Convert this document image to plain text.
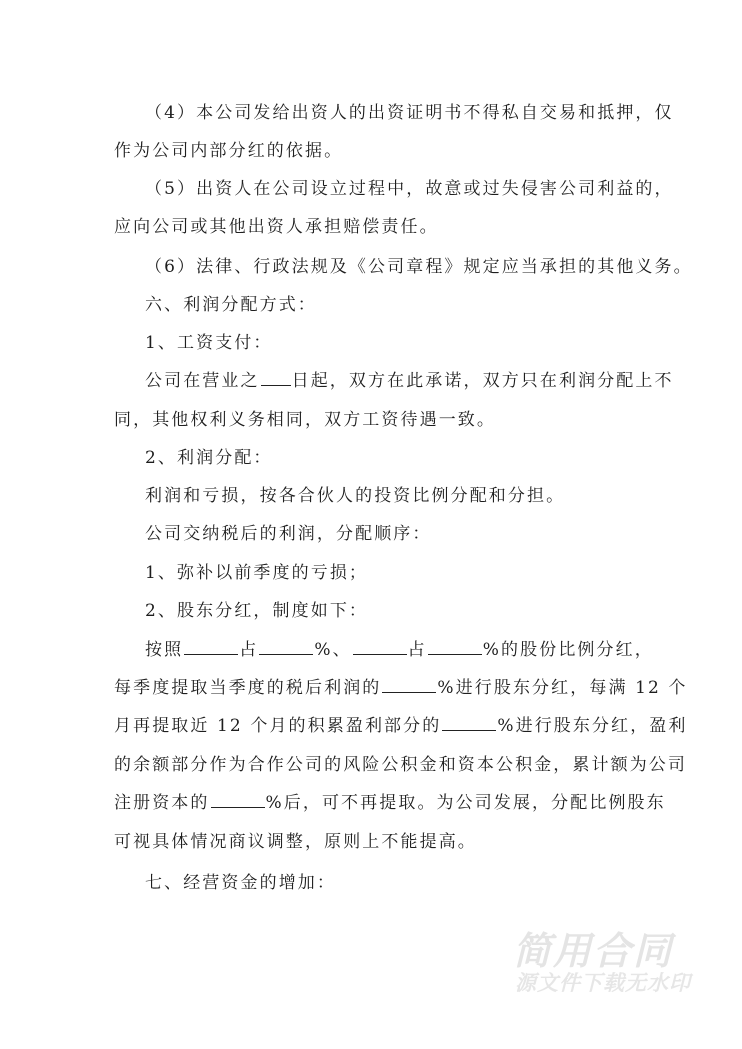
（4）本公司发给出资人的出资证明书不得私自交易和抵押，仅
作为公司内部分红的依据。
（5）出资人在公司设立过程中，故意或过失侵害公司利益的，
应向公司或其他出资人承担赔偿责任。
（6）法律、行政法规及《公司章程》规定应当承担的其他义务。
六、利润分配方式：
1、工资支付：
公司在营业之 日起，双方在此承诺，双方只在利润分配上不
同，其他权利义务相同，双方工资待遇一致。
2、利润分配：
利润和亏损，按各合伙人的投资比例分配和分担。
公司交纳税后的利润，分配顺序：
1、弥补以前季度的亏损；
2、股东分红，制度如下：
按照	占	%、	占	%的股份比例分红，
每季度提取当季度的税后利润的	%进行股东分红，每满 12 个
月再提取近 12 个月的积累盈利部分的	%进行股东分红，盈利
的余额部分作为合作公司的风险公积金和资本公积金，累计额为公司
注册资本的	%后，可不再提取。为公司发展，分配比例股东
可视具体情况商议调整，原则上不能提高。
七、经营资金的增加：
简用合同
源文件下载无水印
